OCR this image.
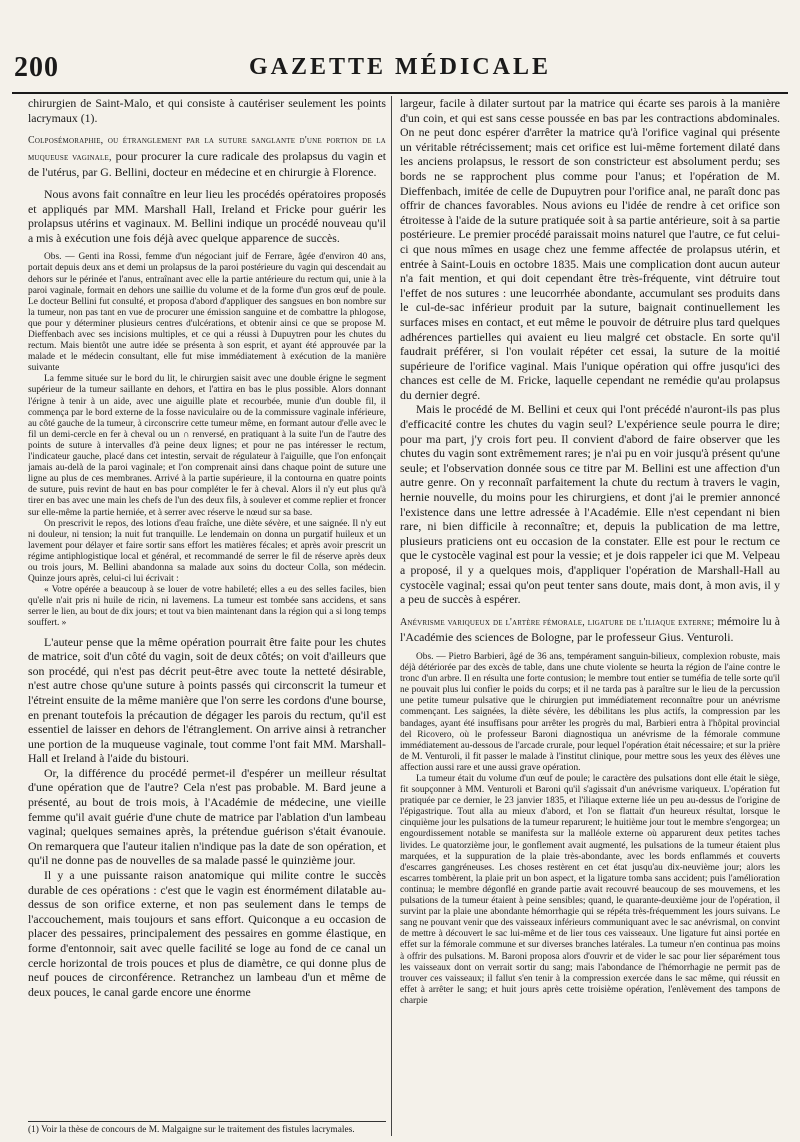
200	GAZETTE MÉDICALE

chirurgien de Saint-Malo, et qui consiste à cautériser seulement les points lacrymaux (1).

Colposémoraphie, ou étranglement par la suture sanglante d'une portion de la muqueuse vaginale, pour procurer la cure radicale des prolapsus du vagin et de l'utérus, par G. Bellini, docteur en médecine et en chirurgie à Florence.

Nous avons fait connaître en leur lieu les procédés opératoires proposés et appliqués par MM. Marshall Hall, Ireland et Fricke pour guérir les prolapsus utérins et vaginaux. M. Bellini indique un procédé nouveau qu'il a mis à exécution une fois déjà avec quelque apparence de succès.

Obs. — Genti ina Rossi, femme d'un négociant juif de Ferrare, âgée d'environ 40 ans, portait depuis deux ans et demi un prolapsus de la paroi postérieure du vagin qui descendait au dehors sur le périnée et l'anus, entraînant avec elle la partie antérieure du rectum qui, unie à la paroi vaginale, formait en dehors une saillie du volume et de la forme d'un gros œuf de poule. Le docteur Bellini fut consulté, et proposa d'abord d'appliquer des sangsues en bon nombre sur la tumeur, non pas tant en vue de procurer une émission sanguine et de combattre la phlogose, que pour y déterminer plusieurs centres d'ulcérations, et obtenir ainsi ce que se propose M. Dieffenbach avec ses incisions multiples, et ce qui a réussi à Dupuytren pour les chutes du rectum. Mais bientôt une autre idée se présenta à son esprit, et ayant été approuvée par la malade et le médecin consultant, elle fut mise immédiatement à exécution de la manière suivante

La femme située sur le bord du lit, le chirurgien saisit avec une double érigne le segment supérieur de la tumeur saillante en dehors, et l'attira en bas le plus possible. Alors donnant l'érigne à tenir à un aide, avec une aiguille plate et recourbée, munie d'un double fil, il commença par le bord externe de la fosse naviculaire ou de la commissure vaginale inférieure, au côté gauche de la tumeur, à circonscrire cette tumeur même, en formant autour d'elle avec le fil un demi-cercle en fer à cheval ou un ∩ renversé, en pratiquant à la suite l'un de l'autre des points de suture à intervalles d'à peine deux lignes; et pour ne pas intéresser le rectum, l'indicateur gauche, placé dans cet intestin, servait de régulateur à l'aiguille, que l'on enfonçait jamais au-delà de la paroi vaginale; et l'on comprenait ainsi dans chaque point de suture une ligne au plus de ces membranes. Arrivé à la partie supérieure, il la contourna en quatre points de suture, puis revint de haut en bas pour compléter le fer à cheval. Alors il n'y eut plus qu'à tirer en bas avec une main les chefs de l'un des deux fils, à soulever et comme replier et froncer sur elle-même la partie herniée, et à serrer avec réserve le nœud sur sa base.

On prescrivit le repos, des lotions d'eau fraîche, une diète sévère, et une saignée. Il n'y eut ni douleur, ni tension; la nuit fut tranquille. Le lendemain on donna un purgatif huileux et un lavement pour délayer et faire sortir sans effort les matières fécales; et après avoir prescrit un régime antiphlogistique local et général, et recommandé de serrer le fil de réserve après deux ou trois jours, M. Bellini abandonna sa malade aux soins du docteur Colla, son médecin. Quinze jours après, celui-ci lui écrivait :

« Votre opérée a beaucoup à se louer de votre habileté; elles a eu des selles faciles, bien qu'elle n'ait pris ni huile de ricin, ni lavemens. La tumeur est tombée sans accidens, et sans serrer le lien, au bout de dix jours; et tout va bien maintenant dans la région qui a si long temps souffert. »

L'auteur pense que la même opération pourrait être faite pour les chutes de matrice, soit d'un côté du vagin, soit de deux côtés; on voit d'ailleurs que son procédé, qui n'est pas décrit peut-être avec toute la netteté désirable, n'est autre chose qu'une suture à points passés qui circonscrit la tumeur et l'étreint ensuite de la même manière que l'on serre les cordons d'une bourse, en prenant toutefois la précaution de dégager les parois du rectum, qu'il est essentiel de laisser en dehors de l'étranglement. On arrive ainsi à retrancher une portion de la muqueuse vaginale, tout comme l'ont fait MM. Marshall-Hall et Ireland à l'aide du bistouri.

Or, la différence du procédé permet-il d'espérer un meilleur résultat d'une opération que de l'autre? Cela n'est pas probable. M. Bard jeune a présenté, au bout de trois mois, à l'Académie de médecine, une vieille femme qu'il avait guérie d'une chute de matrice par l'ablation d'un lambeau vaginal; quelques semaines après, la prétendue guérison s'était évanouie. On remarquera que l'auteur italien n'indique pas la date de son opération, et qu'il ne donne pas de nouvelles de sa malade passé le quinzième jour.

Il y a une puissante raison anatomique qui milite contre le succès durable de ces opérations : c'est que le vagin est énormément dilatable au-dessus de son orifice externe, et non pas seulement dans le temps de l'accouchement, mais toujours et sans effort. Quiconque a eu occasion de placer des pessaires, principalement des pessaires en gomme élastique, en forme d'entonnoir, sait avec quelle facilité se loge au fond de ce canal un cercle horizontal de trois pouces et plus de diamètre, ce qui donne plus de neuf pouces de circonférence. Retranchez un lambeau d'un et même de deux pouces, le canal garde encore une énorme

(1) Voir la thèse de concours de M. Malgaigne sur le traitement des fistules lacrymales.

largeur, facile à dilater surtout par la matrice qui écarte ses parois à la manière d'un coin, et qui est sans cesse poussée en bas par les contractions abdominales. On ne peut donc espérer d'arrêter la matrice qu'à l'orifice vaginal qui présente un véritable rétrécissement; mais cet orifice est lui-même fortement dilaté dans les anciens prolapsus, le ressort de son constricteur est absolument perdu; ses bords ne se rapprochent plus comme pour l'anus; et l'opération de M. Dieffenbach, imitée de celle de Dupuytren pour l'orifice anal, ne paraît donc pas offrir de chances favorables. Nous avions eu l'idée de rendre à cet orifice son étroitesse à l'aide de la suture pratiquée soit à sa partie antérieure, soit à sa partie postérieure. Le premier procédé paraissait moins naturel que l'autre, ce fut celui-ci que nous mîmes en usage chez une femme affectée de prolapsus utérin, et entrée à Saint-Louis en octobre 1835. Mais une complication dont aucun auteur n'a fait mention, et qui doit cependant être très-fréquente, vint détruire tout l'effet de nos sutures : une leucorrhée abondante, accumulant ses produits dans le cul-de-sac inférieur produit par la suture, baignait continuellement les surfaces mises en contact, et eut même le pouvoir de détruire plus tard quelques adhérences partielles qui avaient eu lieu malgré cet obstacle. En sorte qu'il faudrait préférer, si l'on voulait répéter cet essai, la suture de la moitié supérieure de l'orifice vaginal. Mais l'unique opération qui offre jusqu'ici des chances est celle de M. Fricke, laquelle cependant ne remédie qu'au prolapsus du dernier degré.

Mais le procédé de M. Bellini et ceux qui l'ont précédé n'auront-ils pas plus d'efficacité contre les chutes du vagin seul? L'expérience seule pourra le dire; pour ma part, j'y crois fort peu. Il convient d'abord de faire observer que les chutes du vagin sont extrêmement rares; je n'ai pu en voir jusqu'à présent qu'une seule; et l'observation donnée sous ce titre par M. Bellini est une affection d'un autre genre. On y reconnaît parfaitement la chute du rectum à travers le vagin, hernie nouvelle, du moins pour les chirurgiens, et dont j'ai le premier annoncé l'existence dans une lettre adressée à l'Académie. Elle n'est cependant ni bien rare, ni bien difficile à reconnaître; et, depuis la publication de ma lettre, plusieurs praticiens ont eu occasion de la constater. Elle est pour le rectum ce que le cystocèle vaginal est pour la vessie; et je dois rappeler ici que M. Velpeau a proposé, il y a quelques mois, d'appliquer l'opération de Marshall-Hall au cystocèle vaginal; essai qu'on peut tenter sans doute, mais dont, à mon avis, il y a peu de succès à espérer.

Anévrisme variqueux de l'artère fémorale, ligature de l'iliaque externe; mémoire lu à l'Académie des sciences de Bologne, par le professeur Gius. Venturoli.

Obs. — Pietro Barbieri, âgé de 36 ans, tempérament sanguin-bilieux, complexion robuste, mais déjà détériorée par des excès de table, dans une chute violente se heurta la région de l'aine contre le tronc d'un arbre. Il en résulta une forte contusion; le membre tout entier se tuméfia de telle sorte qu'il ne pouvait plus lui confier le poids du corps; et il ne tarda pas à paraître sur le lieu de la percussion une petite tumeur pulsative que le chirurgien put immédiatement reconnaître pour un anévrisme commençant. Les saignées, la diète sévère, les débilitans les plus actifs, la compression par les bandages, ayant été insuffisans pour arrêter les progrès du mal, Barbieri entra à l'hôpital provincial del Ricovero, où le professeur Baroni diagnostiqua un anévrisme de la fémorale commune immédiatement au-dessous de l'arcade crurale, pour lequel l'opération était nécessaire; et sur la prière de M. Venturoli, il fit passer le malade à l'institut clinique, pour mettre sous les yeux des élèves une affection aussi rare et une aussi grave opération.

La tumeur était du volume d'un œuf de poule; le caractère des pulsations dont elle était le siège, fit soupçonner à MM. Venturoli et Baroni qu'il s'agissait d'un anévrisme variqueux. L'opération fut pratiquée par ce dernier, le 23 janvier 1835, et l'iliaque externe liée un peu au-dessus de l'origine de l'épigastrique. Tout alla au mieux d'abord, et l'on se flattait d'un heureux résultat, lorsque le cinquième jour les pulsations de la tumeur reparurent; le huitième jour tout le membre s'engorgea; un engourdissement notable se manifesta sur la malléole externe où apparurent deux petites taches livides. Le quatorzième jour, le gonflement avait augmenté, les pulsations de la tumeur étaient plus marquées, et la suppuration de la plaie très-abondante, avec les bords enflammés et couverts d'escarres gangréneuses. Les choses restèrent en cet état jusqu'au dix-neuvième jour; alors les escarres tombèrent, la plaie prit un bon aspect, et la ligature tomba sans accident; puis l'amélioration continua; le membre dégonflé en grande partie avait recouvré beaucoup de ses mouvemens, et les pulsations de la tumeur étaient à peine sensibles; quand, le quarante-deuxième jour de l'opération, il survint par la plaie une abondante hémorrhagie qui se répéta très-fréquemment les jours suivans. Le sang ne pouvant venir que des vaisseaux inférieurs communiquant avec le sac anévrismal, on convint de mettre à découvert le sac lui-même et de lier tous ces vaisseaux. Une ligature fut ainsi portée en effet sur la fémorale commune et sur diverses branches latérales. La tumeur n'en continua pas moins à offrir des pulsations. M. Baroni proposa alors d'ouvrir et de vider le sac pour lier séparément tous les vaisseaux dont on verrait sortir du sang; mais l'abondance de l'hémorrhagie ne permit pas de trouver ces vaisseaux; il fallut s'en tenir à la compression exercée dans le sac même, qui réussit en effet à arrêter le sang; et huit jours après cette troisième opération, l'enlèvement des tampons de charpie
